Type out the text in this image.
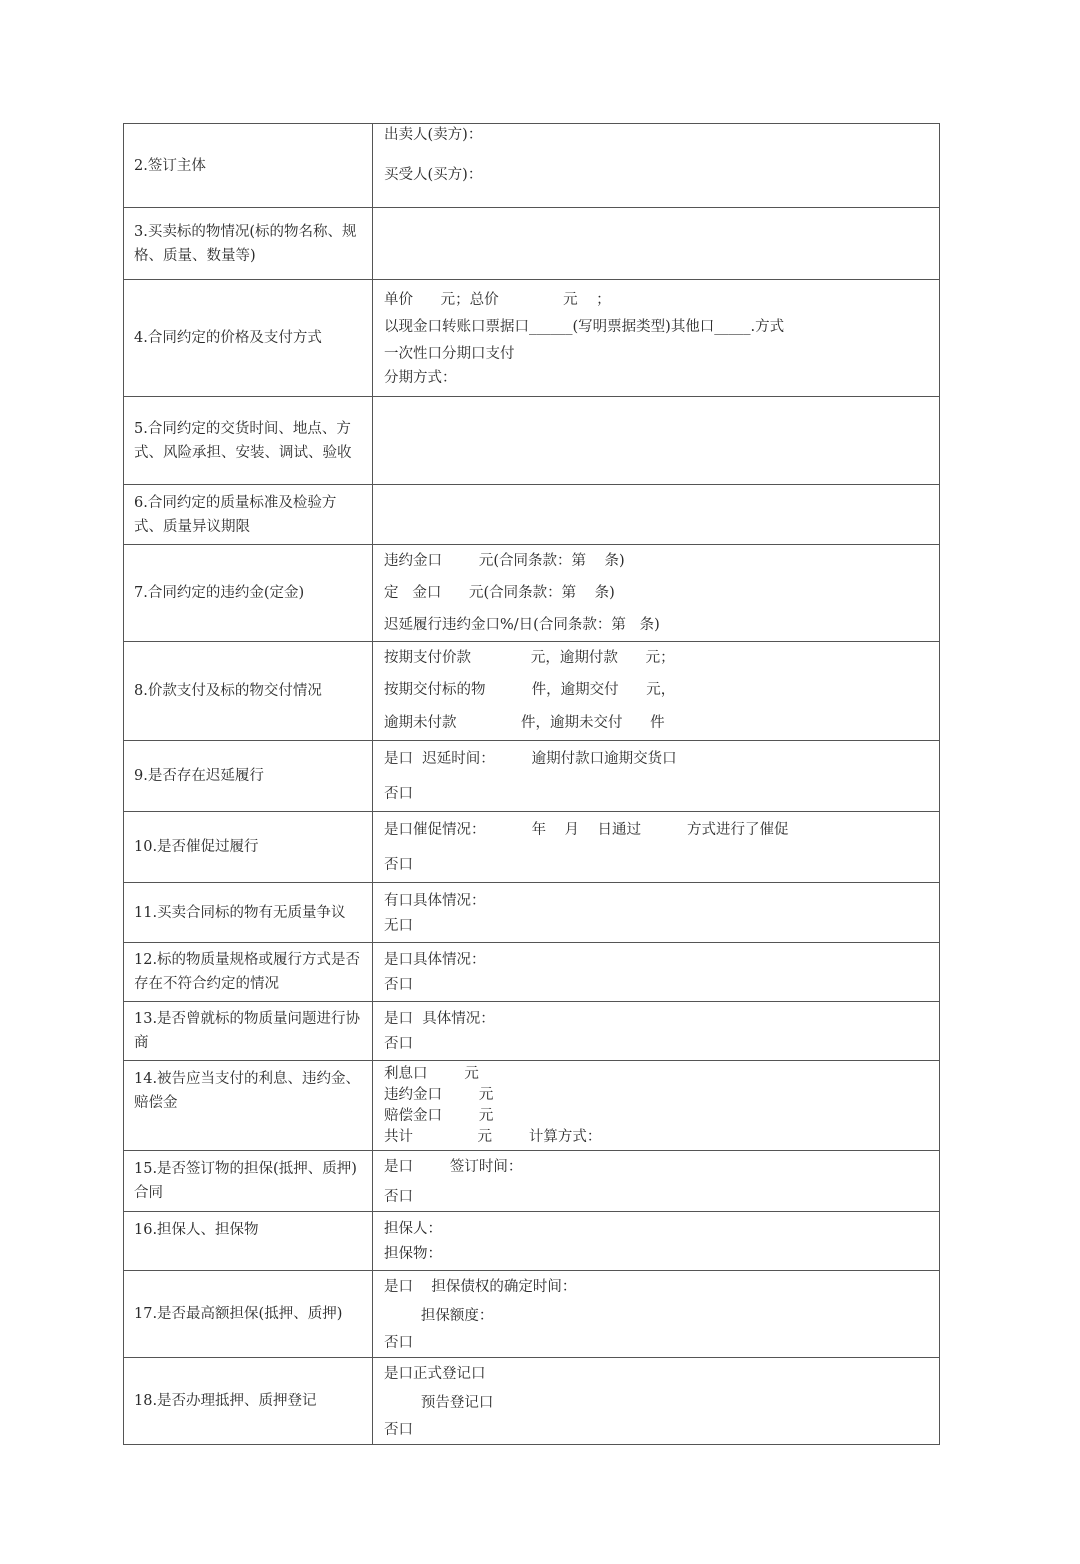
2.签订主体	出卖人(卖方)：
买受人(买方)：

3.买卖标的物情况(标的物名称、规格、质量、数量等)	
4.合同约定的价格及支付方式	单价      元；总价              元    ；
以现金口转账口票据口______(写明票据类型)其他口_____.方式
一次性口分期口支付
分期方式：

5.合同约定的交货时间、地点、方式、风险承担、安装、调试、验收	
6.合同约定的质量标准及检验方式、质量异议期限	
7.合同约定的违约金(定金)	违约金口        元(合同条款：第    条)
定   金口      元(合同条款：第    条)
迟延履行违约金口%/日(合同条款：第   条)

8.价款支付及标的物交付情况	按期支付价款             元，逾期付款      元；
按期交付标的物          件，逾期交付      元，
逾期未付款              件，逾期未交付      件

9.是否存在迟延履行	是口  迟延时间：        逾期付款口逾期交货口
否口

10.是否催促过履行	是口催促情况：          年    月    日通过          方式进行了催促
否口

11.买卖合同标的物有无质量争议	有口具体情况：
无口

12.标的物质量规格或履行方式是否存在不符合约定的情况	是口具体情况：
否口

13.是否曾就标的物质量问题进行协商	是口  具体情况：
否口

14.被告应当支付的利息、违约金、赔偿金	利息口        元
违约金口        元
赔偿金口        元
共计              元        计算方式：

15.是否签订物的担保(抵押、质押)合同	是口        签订时间：
否口

16.担保人、担保物	担保人：
担保物：

17.是否最高额担保(抵押、质押)	是口    担保债权的确定时间：
担保额度：
否口

18.是否办理抵押、质押登记	是口正式登记口
预告登记口
否口
